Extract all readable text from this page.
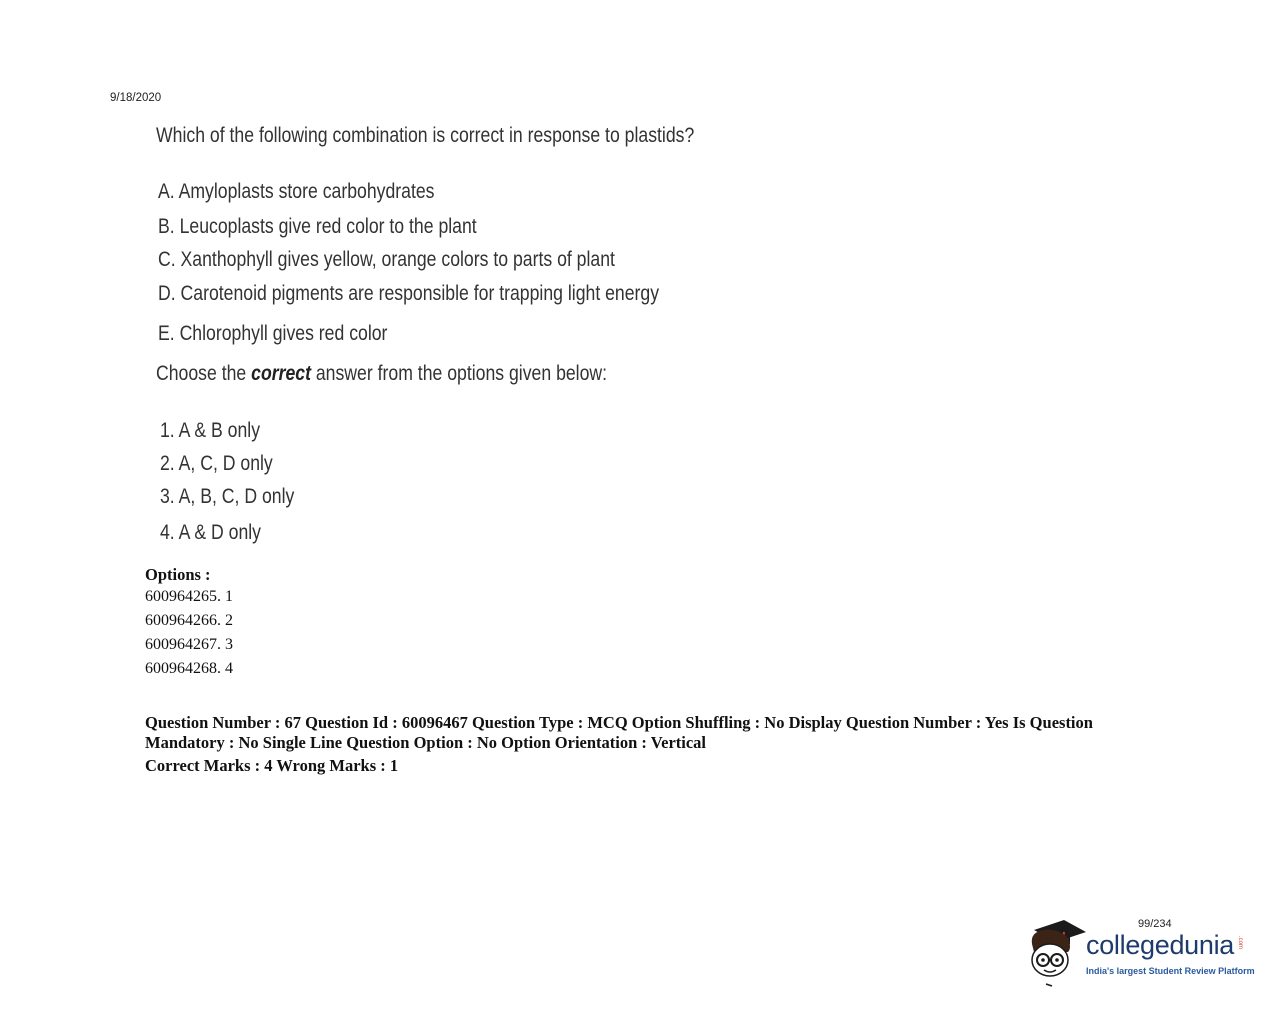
9/18/2020
Which of the following combination is correct in response to plastids?
A. Amyloplasts store carbohydrates
B. Leucoplasts give red color to the plant
C. Xanthophyll gives yellow, orange colors to parts of plant
D. Carotenoid pigments are responsible for trapping light energy
E. Chlorophyll gives red color
Choose the correct answer from the options given below:
1. A & B only
2. A, C, D only
3. A, B, C, D only
4. A & D only
Options :
600964265. 1
600964266. 2
600964267. 3
600964268. 4
Question Number : 67 Question Id : 60096467 Question Type : MCQ Option Shuffling : No Display Question Number : Yes Is Question Mandatory : No Single Line Question Option : No Option Orientation : Vertical
Correct Marks : 4 Wrong Marks : 1
99/234
collegedunia .com
India's largest Student Review Platform
